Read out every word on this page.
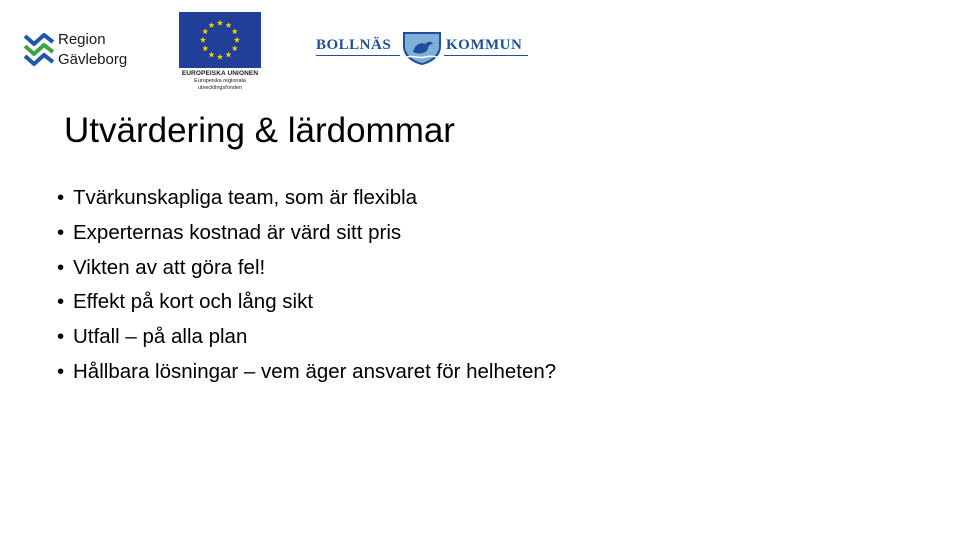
Region
Gävleborg
EUROPEISKA UNIONEN
Europeiska regionala
utvecklingsfonden
BOLLNÄS	KOMMUN
Utvärdering & lärdommar
• Tvärkunskapliga team, som är flexibla
• Experternas kostnad är värd sitt pris
• Vikten av att göra fel!
• Effekt på kort och lång sikt
• Utfall – på alla plan
• Hållbara lösningar – vem äger ansvaret för helheten?
